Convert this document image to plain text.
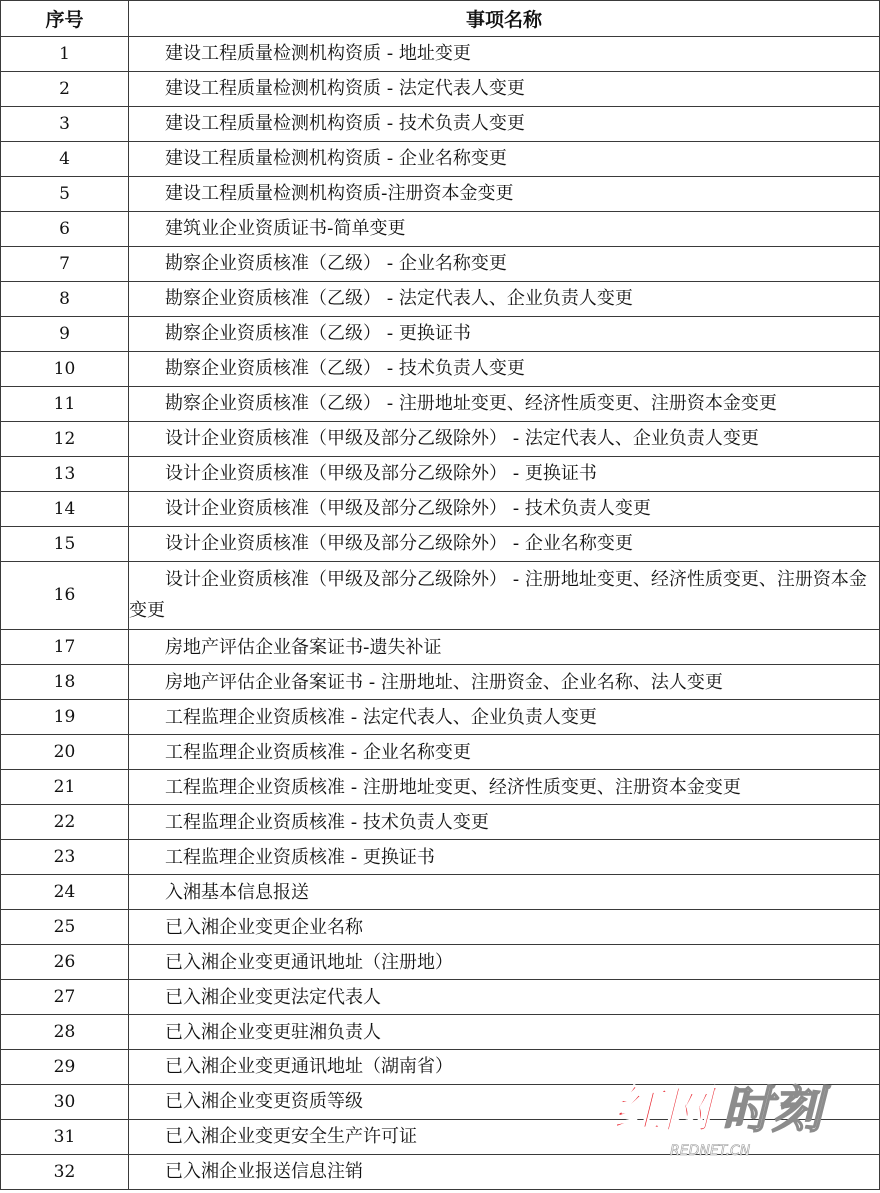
序号	事项名称
1	建设工程质量检测机构资质 - 地址变更
2	建设工程质量检测机构资质 - 法定代表人变更
3	建设工程质量检测机构资质 - 技术负责人变更
4	建设工程质量检测机构资质 - 企业名称变更
5	建设工程质量检测机构资质-注册资本金变更
6	建筑业企业资质证书-简单变更
7	勘察企业资质核准（乙级） - 企业名称变更
8	勘察企业资质核准（乙级） - 法定代表人、企业负责人变更
9	勘察企业资质核准（乙级） - 更换证书
10	勘察企业资质核准（乙级） - 技术负责人变更
11	勘察企业资质核准（乙级） - 注册地址变更、经济性质变更、注册资本金变更
12	设计企业资质核准（甲级及部分乙级除外） - 法定代表人、企业负责人变更
13	设计企业资质核准（甲级及部分乙级除外） - 更换证书
14	设计企业资质核准（甲级及部分乙级除外） - 技术负责人变更
15	设计企业资质核准（甲级及部分乙级除外） - 企业名称变更
16	设计企业资质核准（甲级及部分乙级除外） - 注册地址变更、经济性质变更、注册资本金变更
17	房地产评估企业备案证书-遗失补证
18	房地产评估企业备案证书 - 注册地址、注册资金、企业名称、法人变更
19	工程监理企业资质核准 - 法定代表人、企业负责人变更
20	工程监理企业资质核准 - 企业名称变更
21	工程监理企业资质核准 - 注册地址变更、经济性质变更、注册资本金变更
22	工程监理企业资质核准 - 技术负责人变更
23	工程监理企业资质核准 - 更换证书
24	入湘基本信息报送
25	已入湘企业变更企业名称
26	已入湘企业变更通讯地址（注册地）
27	已入湘企业变更法定代表人
28	已入湘企业变更驻湘负责人
29	已入湘企业变更通讯地址（湖南省）
30	已入湘企业变更资质等级
31	已入湘企业变更安全生产许可证
32	已入湘企业报送信息注销
红网 时刻
REDNET.CN
